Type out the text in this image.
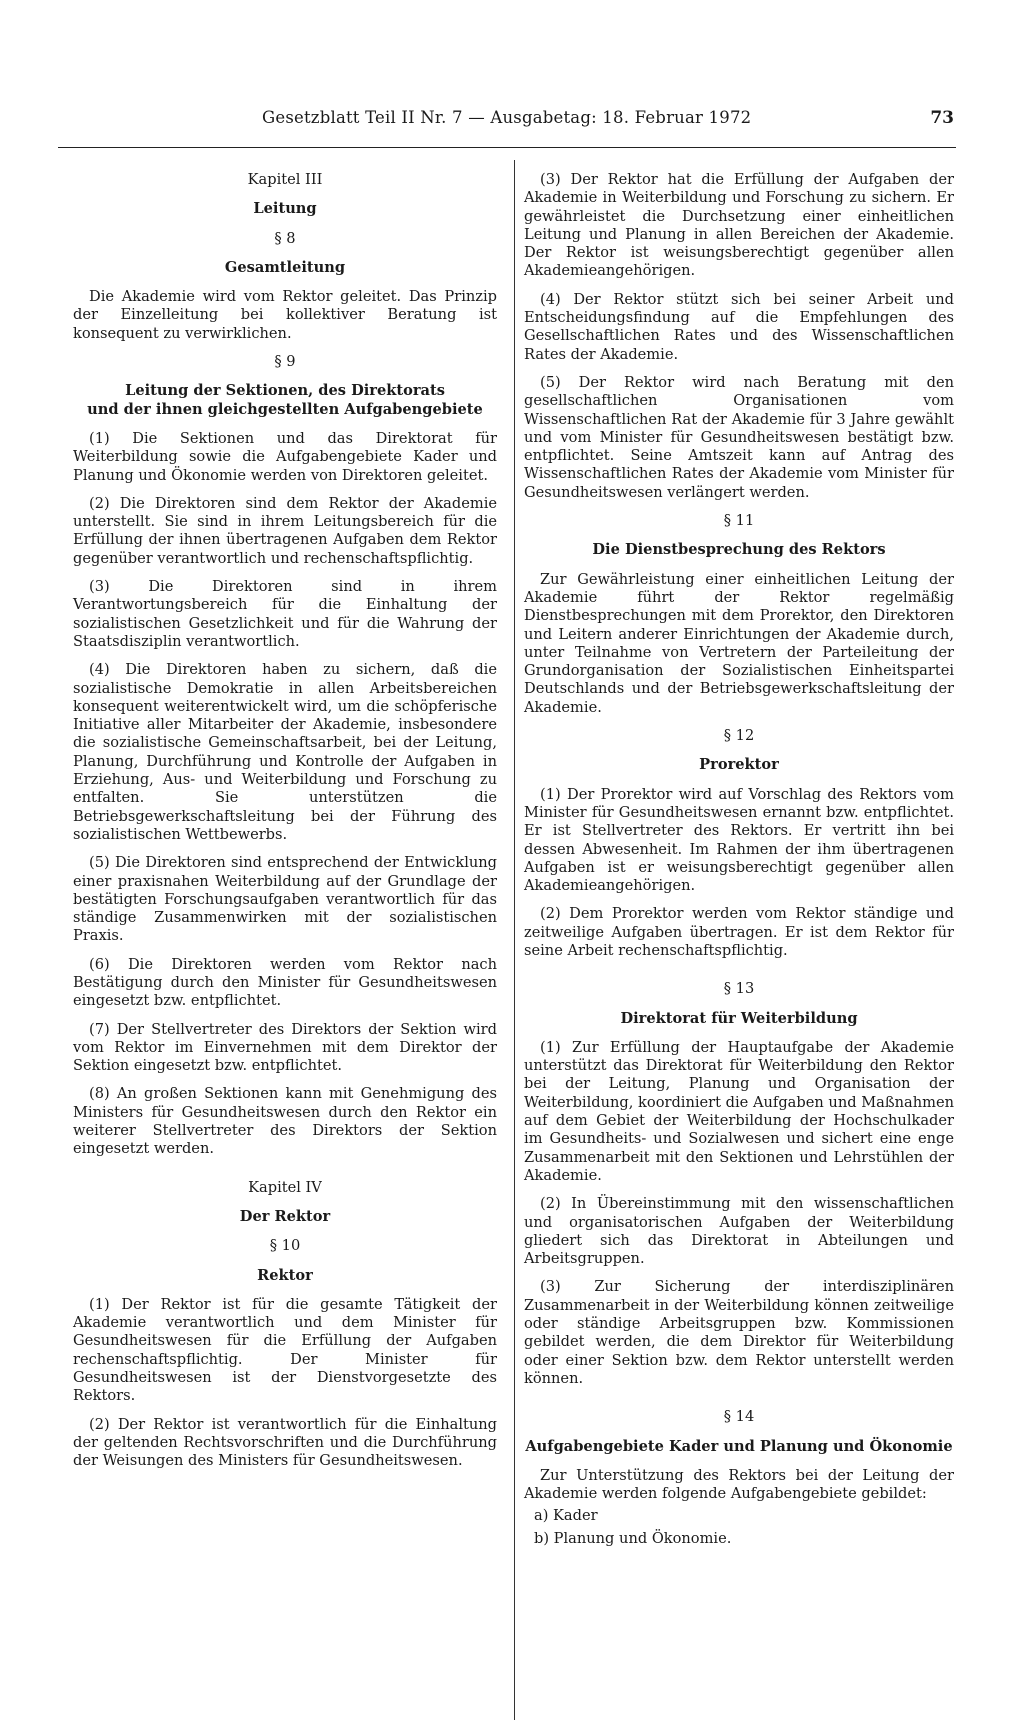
Gesetzblatt Teil II Nr. 7 — Ausgabetag: 18. Februar 1972	73
Kapitel III
Leitung
§ 8
Gesamtleitung

Die Akademie wird vom Rektor geleitet. Das Prinzip der Einzelleitung bei kollektiver Beratung ist konsequent zu verwirklichen.

§ 9
Leitung der Sektionen, des Direktorats
und der ihnen gleichgestellten Aufgabengebiete

(1) Die Sektionen und das Direktorat für Weiterbildung sowie die Aufgabengebiete Kader und Planung und Ökonomie werden von Direktoren geleitet.

(2) Die Direktoren sind dem Rektor der Akademie unterstellt. Sie sind in ihrem Leitungsbereich für die Erfüllung der ihnen übertragenen Aufgaben dem Rektor gegenüber verantwortlich und rechenschaftspflichtig.

(3) Die Direktoren sind in ihrem Verantwortungsbereich für die Einhaltung der sozialistischen Gesetzlichkeit und für die Wahrung der Staatsdisziplin verantwortlich.

(4) Die Direktoren haben zu sichern, daß die sozialistische Demokratie in allen Arbeitsbereichen konsequent weiterentwickelt wird, um die schöpferische Initiative aller Mitarbeiter der Akademie, insbesondere die sozialistische Gemeinschaftsarbeit, bei der Leitung, Planung, Durchführung und Kontrolle der Aufgaben in Erziehung, Aus- und Weiterbildung und Forschung zu entfalten. Sie unterstützen die Betriebsgewerkschaftsleitung bei der Führung des sozialistischen Wettbewerbs.

(5) Die Direktoren sind entsprechend der Entwicklung einer praxisnahen Weiterbildung auf der Grundlage der bestätigten Forschungsaufgaben verantwortlich für das ständige Zusammenwirken mit der sozialistischen Praxis.

(6) Die Direktoren werden vom Rektor nach Bestätigung durch den Minister für Gesundheitswesen eingesetzt bzw. entpflichtet.

(7) Der Stellvertreter des Direktors der Sektion wird vom Rektor im Einvernehmen mit dem Direktor der Sektion eingesetzt bzw. entpflichtet.

(8) An großen Sektionen kann mit Genehmigung des Ministers für Gesundheitswesen durch den Rektor ein weiterer Stellvertreter des Direktors der Sektion eingesetzt werden.

Kapitel IV
Der Rektor
§ 10
Rektor

(1) Der Rektor ist für die gesamte Tätigkeit der Akademie verantwortlich und dem Minister für Gesundheitswesen für die Erfüllung der Aufgaben rechenschaftspflichtig. Der Minister für Gesundheitswesen ist der Dienstvorgesetzte des Rektors.

(2) Der Rektor ist verantwortlich für die Einhaltung der geltenden Rechtsvorschriften und die Durchführung der Weisungen des Ministers für Gesundheitswesen.

(3) Der Rektor hat die Erfüllung der Aufgaben der Akademie in Weiterbildung und Forschung zu sichern. Er gewährleistet die Durchsetzung einer einheitlichen Leitung und Planung in allen Bereichen der Akademie. Der Rektor ist weisungsberechtigt gegenüber allen Akademieangehörigen.

(4) Der Rektor stützt sich bei seiner Arbeit und Entscheidungsfindung auf die Empfehlungen des Gesellschaftlichen Rates und des Wissenschaftlichen Rates der Akademie.

(5) Der Rektor wird nach Beratung mit den gesellschaftlichen Organisationen vom Wissenschaftlichen Rat der Akademie für 3 Jahre gewählt und vom Minister für Gesundheitswesen bestätigt bzw. entpflichtet. Seine Amtszeit kann auf Antrag des Wissenschaftlichen Rates der Akademie vom Minister für Gesundheitswesen verlängert werden.

§ 11
Die Dienstbesprechung des Rektors

Zur Gewährleistung einer einheitlichen Leitung der Akademie führt der Rektor regelmäßig Dienstbesprechungen mit dem Prorektor, den Direktoren und Leitern anderer Einrichtungen der Akademie durch, unter Teilnahme von Vertretern der Parteileitung der Grundorganisation der Sozialistischen Einheitspartei Deutschlands und der Betriebsgewerkschaftsleitung der Akademie.

§ 12
Prorektor

(1) Der Prorektor wird auf Vorschlag des Rektors vom Minister für Gesundheitswesen ernannt bzw. entpflichtet. Er ist Stellvertreter des Rektors. Er vertritt ihn bei dessen Abwesenheit. Im Rahmen der ihm übertragenen Aufgaben ist er weisungsberechtigt gegenüber allen Akademieangehörigen.

(2) Dem Prorektor werden vom Rektor ständige und zeitweilige Aufgaben übertragen. Er ist dem Rektor für seine Arbeit rechenschaftspflichtig.

§ 13
Direktorat für Weiterbildung

(1) Zur Erfüllung der Hauptaufgabe der Akademie unterstützt das Direktorat für Weiterbildung den Rektor bei der Leitung, Planung und Organisation der Weiterbildung, koordiniert die Aufgaben und Maßnahmen auf dem Gebiet der Weiterbildung der Hochschulkader im Gesundheits- und Sozialwesen und sichert eine enge Zusammenarbeit mit den Sektionen und Lehrstühlen der Akademie.

(2) In Übereinstimmung mit den wissenschaftlichen und organisatorischen Aufgaben der Weiterbildung gliedert sich das Direktorat in Abteilungen und Arbeitsgruppen.

(3) Zur Sicherung der interdisziplinären Zusammenarbeit in der Weiterbildung können zeitweilige oder ständige Arbeitsgruppen bzw. Kommissionen gebildet werden, die dem Direktor für Weiterbildung oder einer Sektion bzw. dem Rektor unterstellt werden können.

§ 14
Aufgabengebiete Kader und Planung und Ökonomie

Zur Unterstützung des Rektors bei der Leitung der Akademie werden folgende Aufgabengebiete gebildet:

a) Kader
b) Planung und Ökonomie.
